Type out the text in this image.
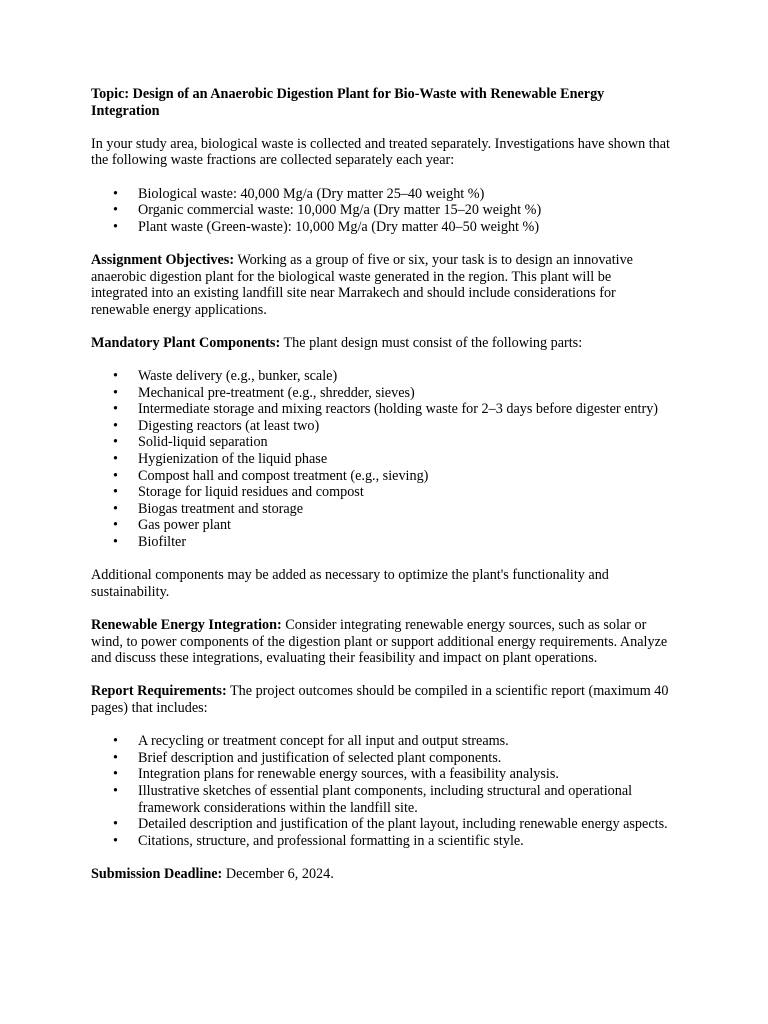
Topic: Design of an Anaerobic Digestion Plant for Bio-Waste with Renewable Energy Integration

In your study area, biological waste is collected and treated separately. Investigations have shown that the following waste fractions are collected separately each year:

• Biological waste: 40,000 Mg/a (Dry matter 25–40 weight %)
• Organic commercial waste: 10,000 Mg/a (Dry matter 15–20 weight %)
• Plant waste (Green-waste): 10,000 Mg/a (Dry matter 40–50 weight %)

Assignment Objectives: Working as a group of five or six, your task is to design an innovative anaerobic digestion plant for the biological waste generated in the region. This plant will be integrated into an existing landfill site near Marrakech and should include considerations for renewable energy applications.

Mandatory Plant Components: The plant design must consist of the following parts:

• Waste delivery (e.g., bunker, scale)
• Mechanical pre-treatment (e.g., shredder, sieves)
• Intermediate storage and mixing reactors (holding waste for 2–3 days before digester entry)
• Digesting reactors (at least two)
• Solid-liquid separation
• Hygienization of the liquid phase
• Compost hall and compost treatment (e.g., sieving)
• Storage for liquid residues and compost
• Biogas treatment and storage
• Gas power plant
• Biofilter

Additional components may be added as necessary to optimize the plant's functionality and sustainability.

Renewable Energy Integration: Consider integrating renewable energy sources, such as solar or wind, to power components of the digestion plant or support additional energy requirements. Analyze and discuss these integrations, evaluating their feasibility and impact on plant operations.

Report Requirements: The project outcomes should be compiled in a scientific report (maximum 40 pages) that includes:

• A recycling or treatment concept for all input and output streams.
• Brief description and justification of selected plant components.
• Integration plans for renewable energy sources, with a feasibility analysis.
• Illustrative sketches of essential plant components, including structural and operational framework considerations within the landfill site.
• Detailed description and justification of the plant layout, including renewable energy aspects.
• Citations, structure, and professional formatting in a scientific style.

Submission Deadline: December 6, 2024.
